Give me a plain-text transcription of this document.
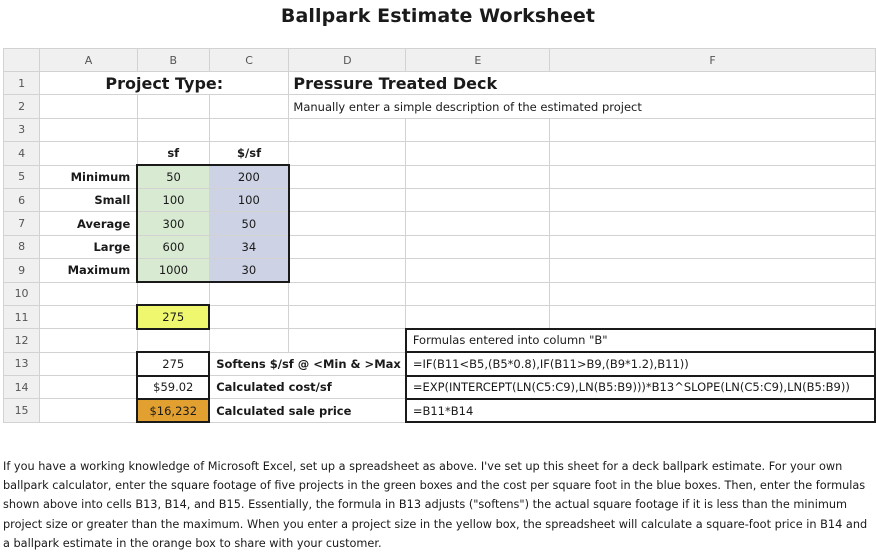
Ballpark Estimate Worksheet
	A	B	C	D	E	F
1	Project Type:			Pressure Treated Deck		
2				Manually enter a simple description of the estimated project		
3						
4		sf	$/sf			
5	Minimum	50	200			
6	Small	100	100			
7	Average	300	50			
8	Large	600	34			
9	Maximum	1000	30			
10						
11		275				
12					Formulas entered into column "B"	
13		275	Softens $/sf @ <Min & >Max		=IF(B11<B5,(B5*0.8),IF(B11>B9,(B9*1.2),B11))	
14		$59.02	Calculated cost/sf		=EXP(INTERCEPT(LN(C5:C9),LN(B5:B9)))*B13^SLOPE(LN(C5:C9),LN(B5:B9))	
15		$16,232	Calculated sale price		=B11*B14	

If you have a working knowledge of Microsoft Excel, set up a spreadsheet as above. I've set up this sheet for a deck ballpark estimate. For your own ballpark calculator, enter the square footage of five projects in the green boxes and the cost per square foot in the blue boxes. Then, enter the formulas shown above into cells B13, B14, and B15. Essentially, the formula in B13 adjusts ("softens") the actual square footage if it is less than the minimum project size or greater than the maximum. When you enter a project size in the yellow box, the spreadsheet will calculate a square-foot price in B14 and a ballpark estimate in the orange box to share with your customer.
